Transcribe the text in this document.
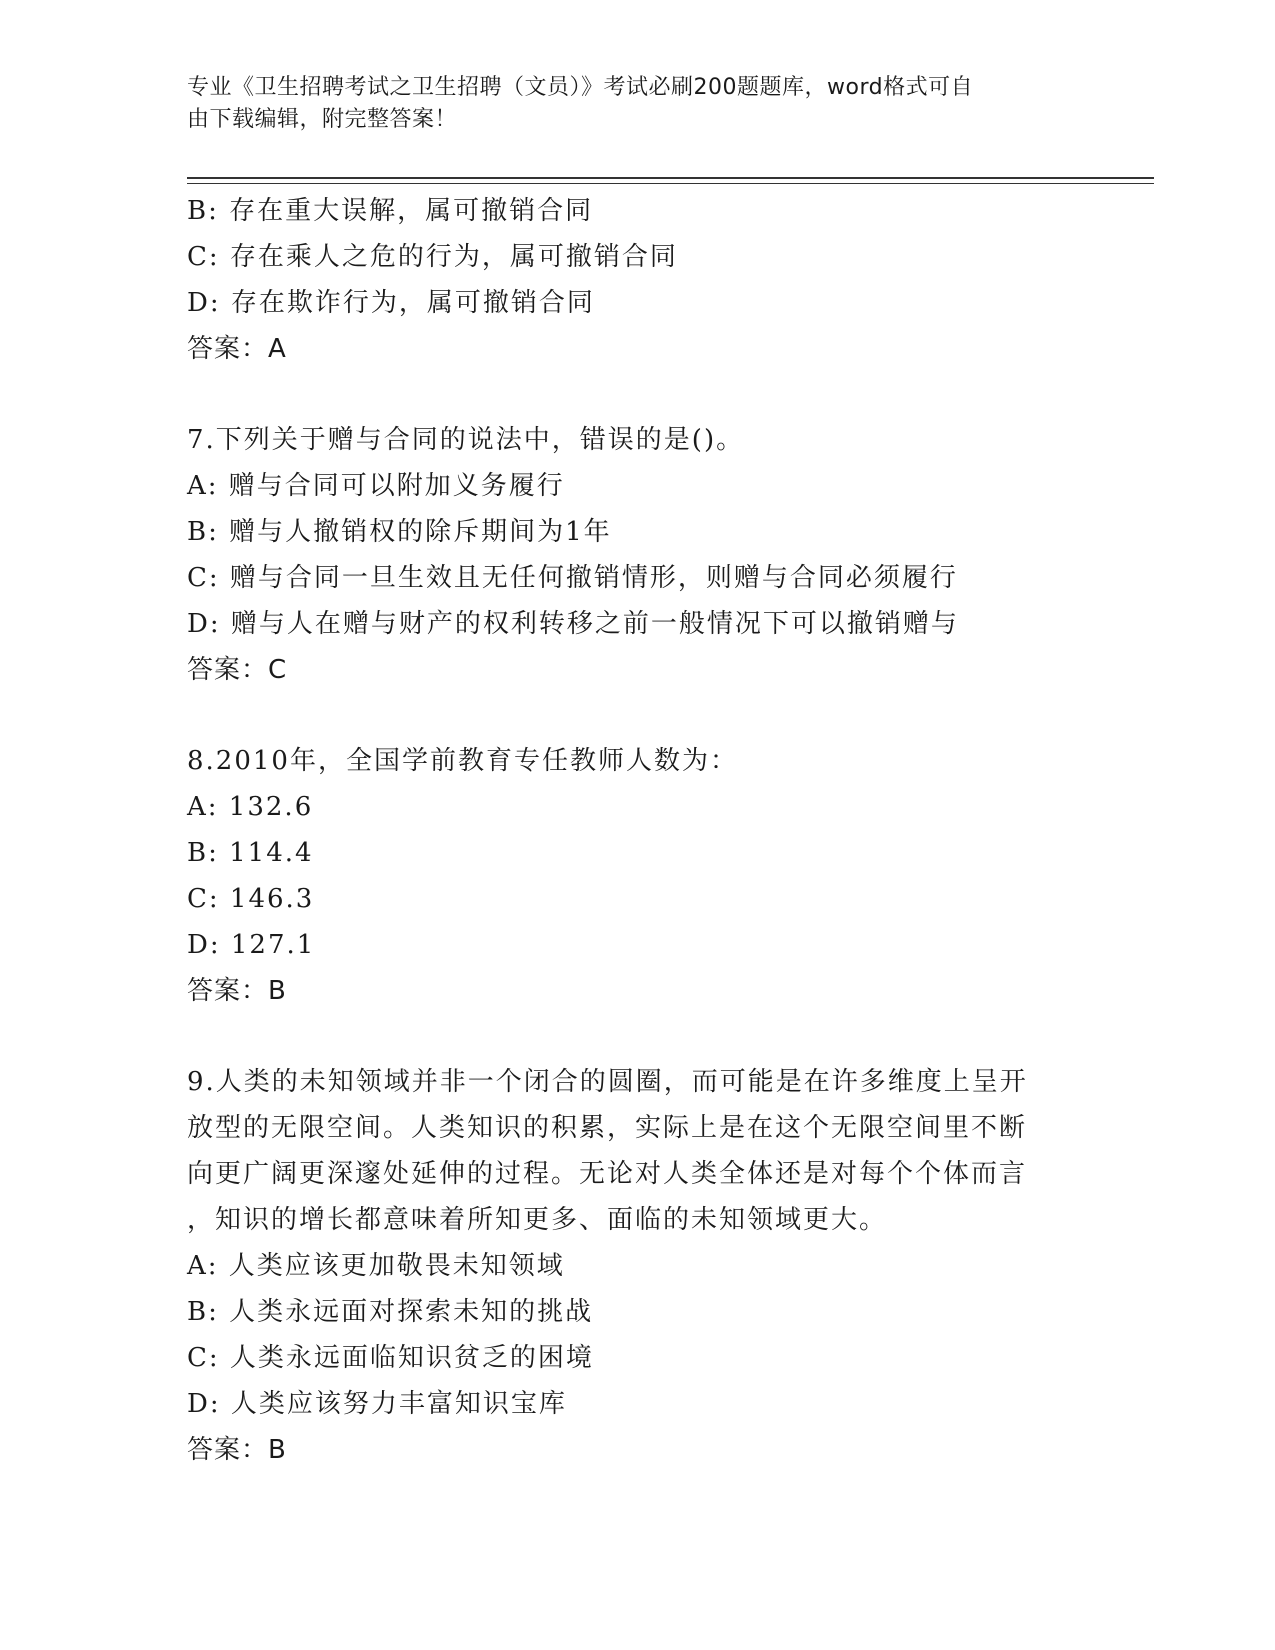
专业《卫生招聘考试之卫生招聘（文员）》考试必刷200题题库，word格式可自
由下载编辑，附完整答案！
B: 存在重大误解，属可撤销合同
C: 存在乘人之危的行为，属可撤销合同
D: 存在欺诈行为，属可撤销合同
答案：A
7.下列关于赠与合同的说法中，错误的是()。
A: 赠与合同可以附加义务履行
B: 赠与人撤销权的除斥期间为1年
C: 赠与合同一旦生效且无任何撤销情形，则赠与合同必须履行
D: 赠与人在赠与财产的权利转移之前一般情况下可以撤销赠与
答案：C
8.2010年，全国学前教育专任教师人数为：
A: 132.6
B: 114.4
C: 146.3
D: 127.1
答案：B
9.人类的未知领域并非一个闭合的圆圈，而可能是在许多维度上呈开
放型的无限空间。人类知识的积累，实际上是在这个无限空间里不断
向更广阔更深邃处延伸的过程。无论对人类全体还是对每个个体而言
，知识的增长都意味着所知更多、面临的未知领域更大。
A: 人类应该更加敬畏未知领域
B: 人类永远面对探索未知的挑战
C: 人类永远面临知识贫乏的困境
D: 人类应该努力丰富知识宝库
答案：B
